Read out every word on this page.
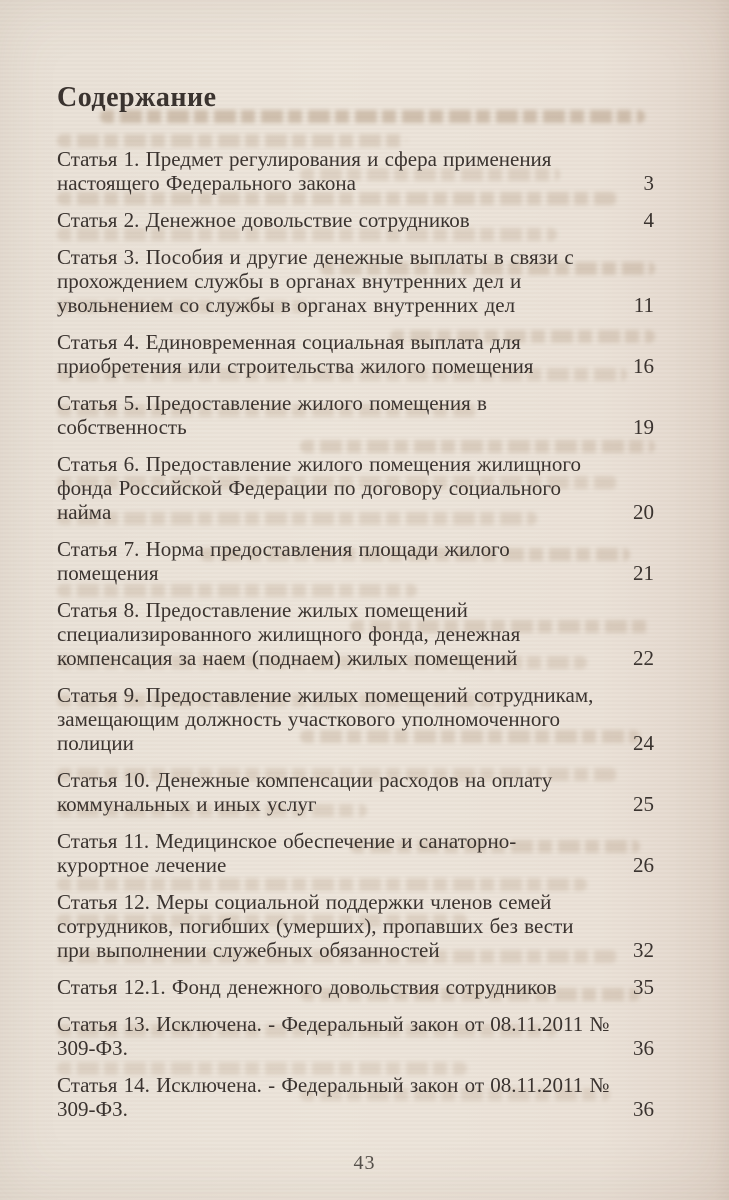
Содержание
Статья 1. Предмет регулирования и сфера применения
настоящего Федерального закона	3
Статья 2. Денежное довольствие сотрудников	4
Статья 3. Пособия и другие денежные выплаты в связи с
прохождением службы в органах внутренних дел и
увольнением со службы в органах внутренних дел	11
Статья 4. Единовременная социальная выплата для
приобретения или строительства жилого помещения	16
Статья 5. Предоставление жилого помещения в
собственность	19
Статья 6. Предоставление жилого помещения жилищного
фонда Российской Федерации по договору социального
найма	20
Статья 7. Норма предоставления площади жилого
помещения	21
Статья 8. Предоставление жилых помещений
специализированного жилищного фонда, денежная
компенсация за наем (поднаем) жилых помещений	22
Статья 9. Предоставление жилых помещений сотрудникам,
замещающим должность участкового уполномоченного
полиции	24
Статья 10. Денежные компенсации расходов на оплату
коммунальных и иных услуг	25
Статья 11. Медицинское обеспечение и санаторно-
курортное лечение	26
Статья 12. Меры социальной поддержки членов семей
сотрудников, погибших (умерших), пропавших без вести
при выполнении служебных обязанностей	32
Статья 12.1. Фонд денежного довольствия сотрудников	35
Статья 13. Исключена. - Федеральный закон от 08.11.2011 №
309-ФЗ.	36
Статья 14. Исключена. - Федеральный закон от 08.11.2011 №
309-ФЗ.	36
43
